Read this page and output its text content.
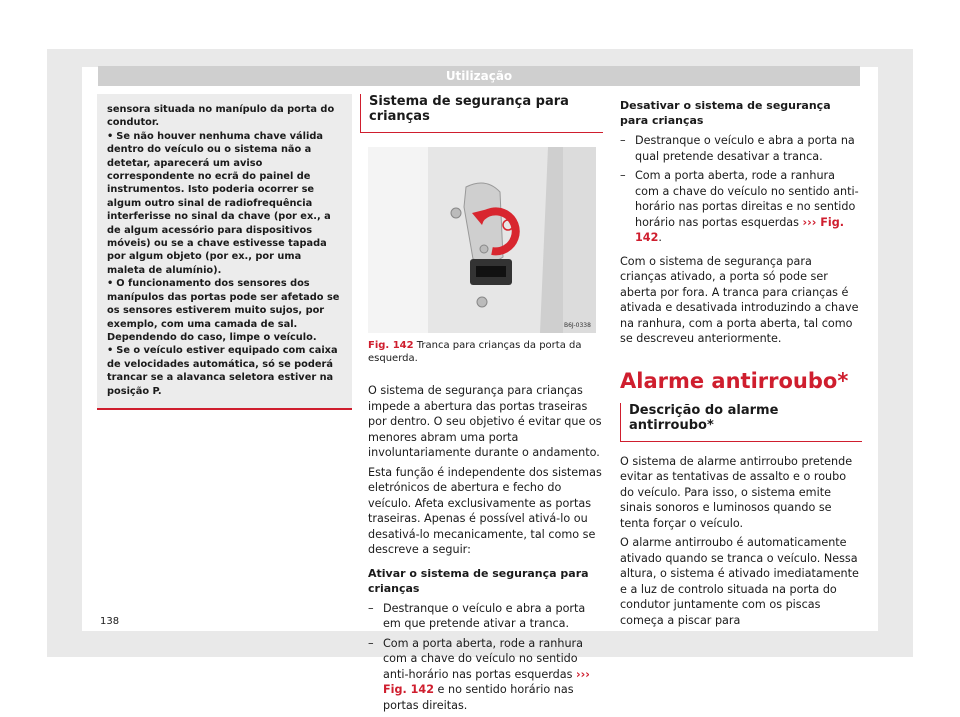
Utilização

sensora situada no manípulo da porta do condutor.

• Se não houver nenhuma chave válida dentro do veículo ou o sistema não a detetar, aparecerá um aviso correspondente no ecrã do painel de instrumentos. Isto poderia ocorrer se algum outro sinal de radiofrequência interferisse no sinal da chave (por ex., a de algum acessório para dispositivos móveis) ou se a chave estivesse tapada por algum objeto (por ex., por uma maleta de alumínio).

• O funcionamento dos sensores dos manípulos das portas pode ser afetado se os sensores estiverem muito sujos, por exemplo, com uma camada de sal. Dependendo do caso, limpe o veículo.

• Se o veículo estiver equipado com caixa de velocidades automática, só se poderá trancar se a alavanca seletora estiver na posição P.

Sistema de segurança para crianças
B6J-0338
Fig. 142 Tranca para crianças da porta da esquerda.

O sistema de segurança para crianças impede a abertura das portas traseiras por dentro. O seu objetivo é evitar que os menores abram uma porta involuntariamente durante o andamento.

Esta função é independente dos sistemas eletrónicos de abertura e fecho do veículo. Afeta exclusivamente as portas traseiras. Apenas é possível ativá-lo ou desativá-lo mecanicamente, tal como se descreve a seguir:

Ativar o sistema de segurança para crianças
– Destranque o veículo e abra a porta em que pretende ativar a tranca.
– Com a porta aberta, rode a ranhura com a chave do veículo no sentido anti-horário nas portas esquerdas ››› Fig. 142 e no sentido horário nas portas direitas.
Desativar o sistema de segurança para crianças
– Destranque o veículo e abra a porta na qual pretende desativar a tranca.
– Com a porta aberta, rode a ranhura com a chave do veículo no sentido anti-horário nas portas direitas e no sentido horário nas portas esquerdas ››› Fig. 142.

Com o sistema de segurança para crianças ativado, a porta só pode ser aberta por fora. A tranca para crianças é ativada e desativada introduzindo a chave na ranhura, com a porta aberta, tal como se descreveu anteriormente.

Alarme antirroubo*
Descrição do alarme antirroubo*

O sistema de alarme antirroubo pretende evitar as tentativas de assalto e o roubo do veículo. Para isso, o sistema emite sinais sonoros e luminosos quando se tenta forçar o veículo.

O alarme antirroubo é automaticamente ativado quando se tranca o veículo. Nessa altura, o sistema é ativado imediatamente e a luz de controlo situada na porta do condutor juntamente com os piscas começa a piscar para

138
